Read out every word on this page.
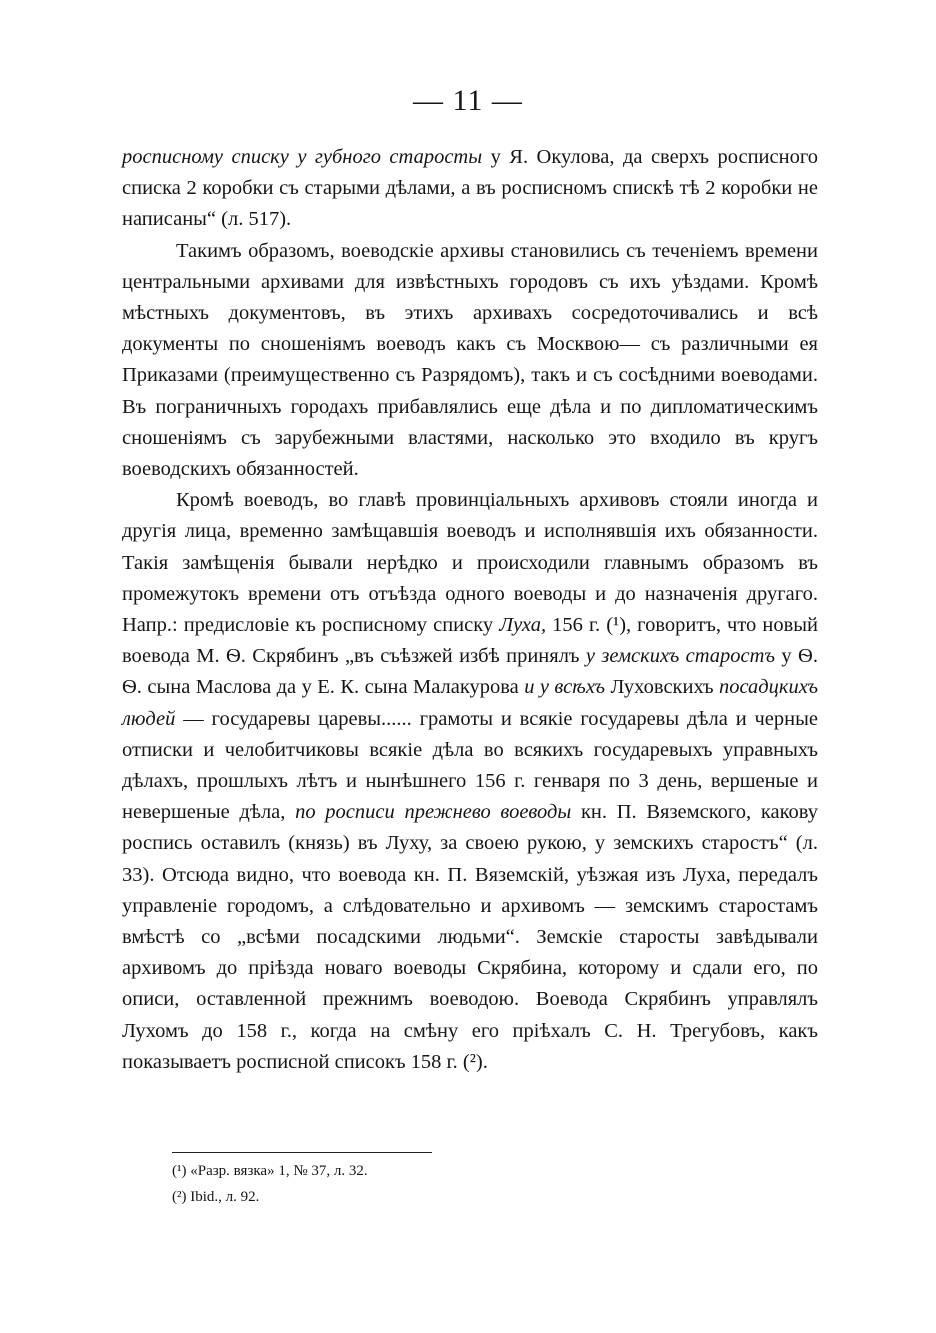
— 11 —

росписному списку у губного старосты у Я. Окулова, да сверхъ росписного списка 2 коробки съ старыми дѣлами, а въ росписномъ спискѣ тѣ 2 коробки не написаны“ (л. 517).

Такимъ образомъ, воеводскіе архивы становились съ теченіемъ времени центральными архивами для извѣстныхъ городовъ съ ихъ уѣздами. Кромѣ мѣстныхъ документовъ, въ этихъ архивахъ сосредоточивались и всѣ документы по сношеніямъ воеводъ какъ съ Москвою— съ различными ея Приказами (преимущественно съ Разрядомъ), такъ и съ сосѣдними воеводами. Въ пограничныхъ городахъ прибавлялись еще дѣла и по дипломатическимъ сношеніямъ съ зарубежными властями, насколько это входило въ кругъ воеводскихъ обязанностей.

Кромѣ воеводъ, во главѣ провинціальныхъ архивовъ стояли иногда и другія лица, временно замѣщавшія воеводъ и исполнявшія ихъ обязанности. Такія замѣщенія бывали нерѣдко и происходили главнымъ образомъ въ промежутокъ времени отъ отъѣзда одного воеводы и до назначенія другаго. Напр.: предисловіе къ росписному списку Луха, 156 г. (¹), говоритъ, что новый воевода М. Ѳ. Скрябинъ „въ съѣзжей избѣ принялъ у земскихъ старостъ у Ѳ. Ѳ. сына Маслова да у Е. К. сына Малакурова и у всѣхъ Луховскихъ посадцкихъ людей — государевы царевы...... грамоты и всякіе государевы дѣла и черные отписки и челобитчиковы всякіе дѣла во всякихъ государевыхъ управныхъ дѣлахъ, прошлыхъ лѣтъ и нынѣшнего 156 г. генваря по 3 день, вершеные и невершеные дѣла, по росписи прежнево воеводы кн. П. Вяземского, какову роспись оставилъ (князь) въ Луху, за своею рукою, у земскихъ старостъ“ (л. 33). Отсюда видно, что воевода кн. П. Вяземскій, уѣзжая изъ Луха, передалъ управленіе городомъ, а слѣдовательно и архивомъ — земскимъ старостамъ вмѣстѣ со „всѣми посадскими людьми“. Земскіе старосты завѣдывали архивомъ до пріѣзда новаго воеводы Скрябина, которому и сдали его, по описи, оставленной прежнимъ воеводою. Воевода Скрябинъ управлялъ Лухомъ до 158 г., когда на смѣну его пріѣхалъ С. Н. Трегубовъ, какъ показываетъ росписной списокъ 158 г. (²).

(¹) «Разр. вязка» 1, № 37, л. 32.

(²) Ibid., л. 92.
